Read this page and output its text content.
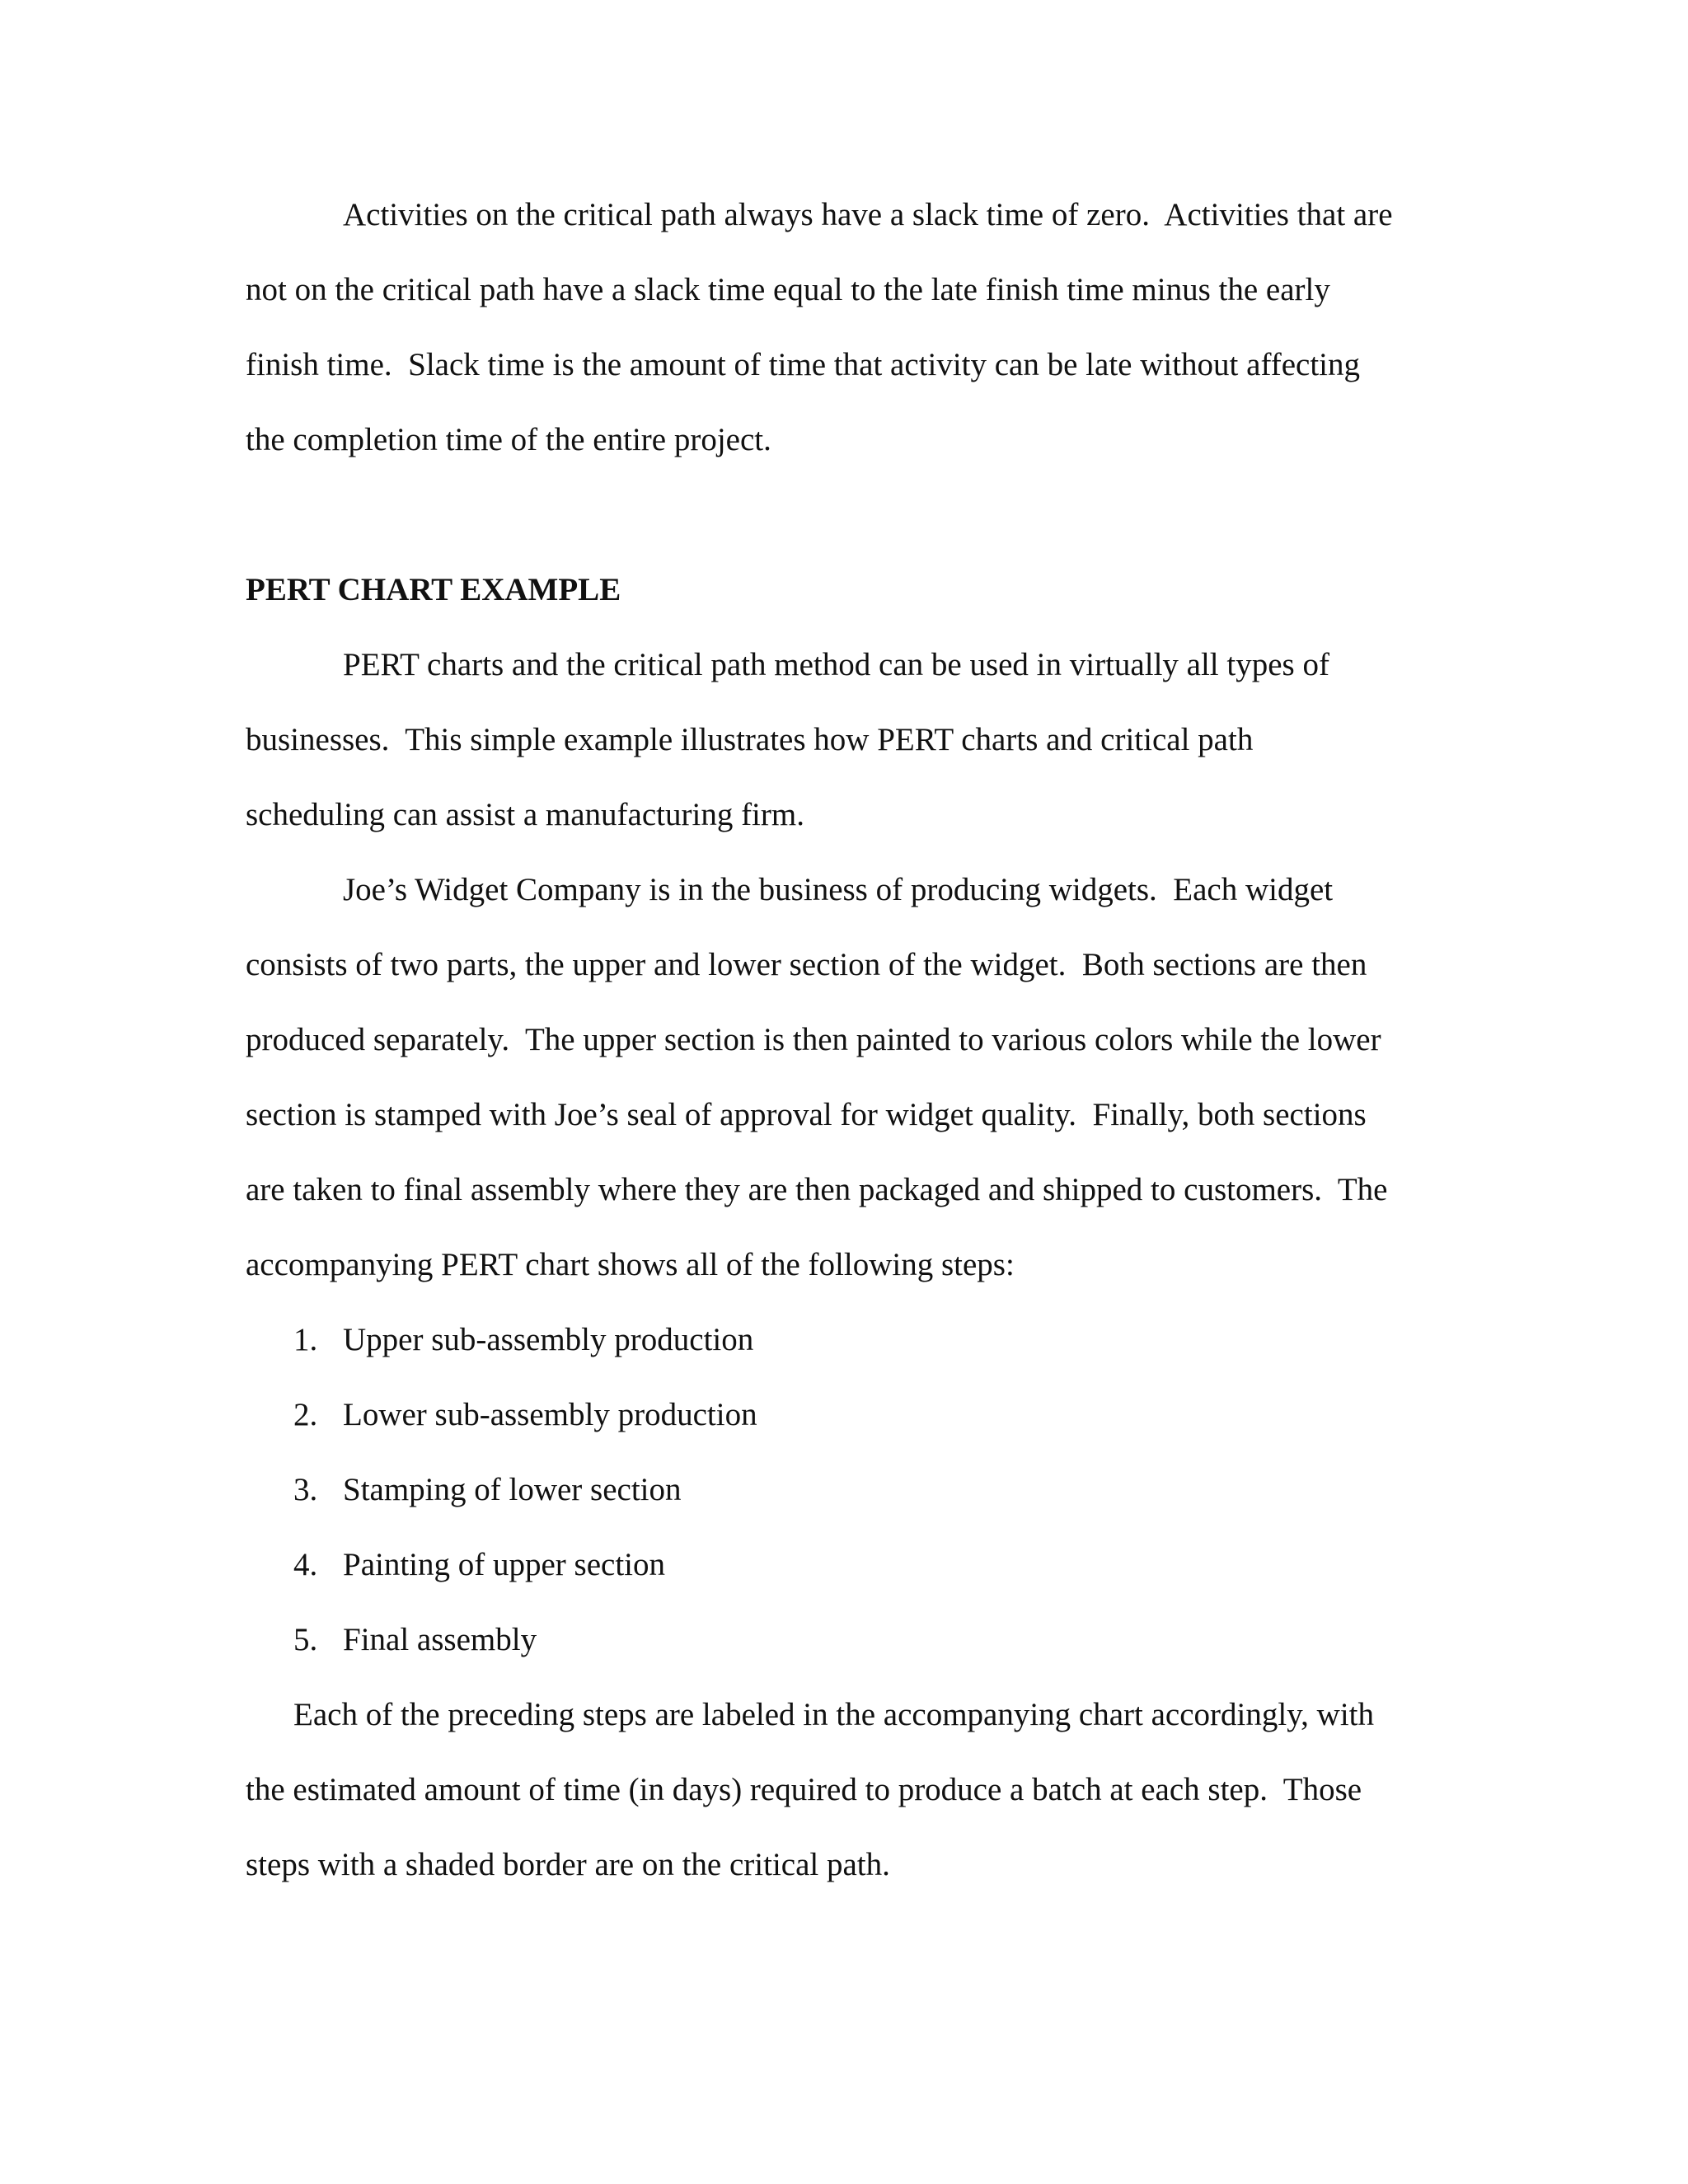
Activities on the critical path always have a slack time of zero.  Activities that are

not on the critical path have a slack time equal to the late finish time minus the early

finish time.  Slack time is the amount of time that activity can be late without affecting

the completion time of the entire project.

PERT CHART EXAMPLE

PERT charts and the critical path method can be used in virtually all types of

businesses.  This simple example illustrates how PERT charts and critical path

scheduling can assist a manufacturing firm.

Joe’s Widget Company is in the business of producing widgets.  Each widget

consists of two parts, the upper and lower section of the widget.  Both sections are then

produced separately.  The upper section is then painted to various colors while the lower

section is stamped with Joe’s seal of approval for widget quality.  Finally, both sections

are taken to final assembly where they are then packaged and shipped to customers.  The

accompanying PERT chart shows all of the following steps:

1. Upper sub-assembly production
2. Lower sub-assembly production
3. Stamping of lower section
4. Painting of upper section
5. Final assembly

Each of the preceding steps are labeled in the accompanying chart accordingly, with

the estimated amount of time (in days) required to produce a batch at each step.  Those

steps with a shaded border are on the critical path.
